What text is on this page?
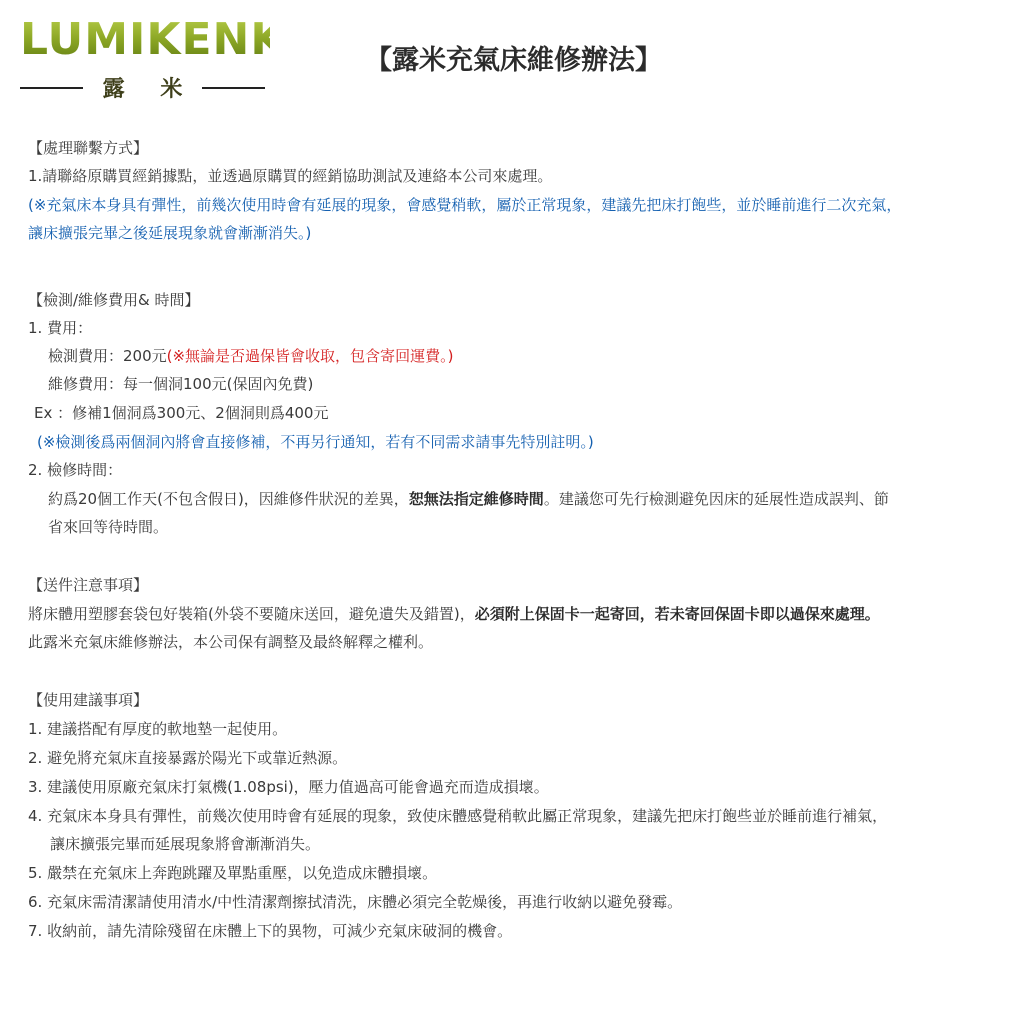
LUMIKENKä
露 米
【露米充氣床維修辦法】
【處理聯繫方式】
1.請聯絡原購買經銷據點，並透過原購買的經銷協助測試及連絡本公司來處理。
(※充氣床本身具有彈性，前幾次使用時會有延展的現象，會感覺稍軟，屬於正常現象，建議先把床打飽些，並於睡前進行二次充氣，
讓床擴張完畢之後延展現象就會漸漸消失。)
【檢測/維修費用& 時間】
1. 費用：
檢測費用：200元(※無論是否過保皆會收取，包含寄回運費。)
維修費用：每一個洞100元(保固內免費)
Ex ：修補1個洞爲300元、2個洞則爲400元
(※檢測後爲兩個洞內將會直接修補，不再另行通知，若有不同需求請事先特別註明。)
2. 檢修時間：
約爲20個工作天(不包含假日)，因維修件狀況的差異，恕無法指定維修時間。建議您可先行檢測避免因床的延展性造成誤判、節
省來回等待時間。
【送件注意事項】
將床體用塑膠套袋包好裝箱(外袋不要隨床送回，避免遺失及錯置)，必須附上保固卡一起寄回，若未寄回保固卡即以過保來處理。
此露米充氣床維修辦法，本公司保有調整及最終解釋之權利。
【使用建議事項】
1. 建議搭配有厚度的軟地墊一起使用。
2. 避免將充氣床直接暴露於陽光下或靠近熱源。
3. 建議使用原廠充氣床打氣機(1.08psi)，壓力值過高可能會過充而造成損壞。
4. 充氣床本身具有彈性，前幾次使用時會有延展的現象，致使床體感覺稍軟此屬正常現象，建議先把床打飽些並於睡前進行補氣，
讓床擴張完畢而延展現象將會漸漸消失。
5. 嚴禁在充氣床上奔跑跳躍及單點重壓，以免造成床體損壞。
6. 充氣床需清潔請使用清水/中性清潔劑擦拭清洗，床體必須完全乾燥後，再進行收納以避免發霉。
7. 收納前，請先清除殘留在床體上下的異物，可減少充氣床破洞的機會。
